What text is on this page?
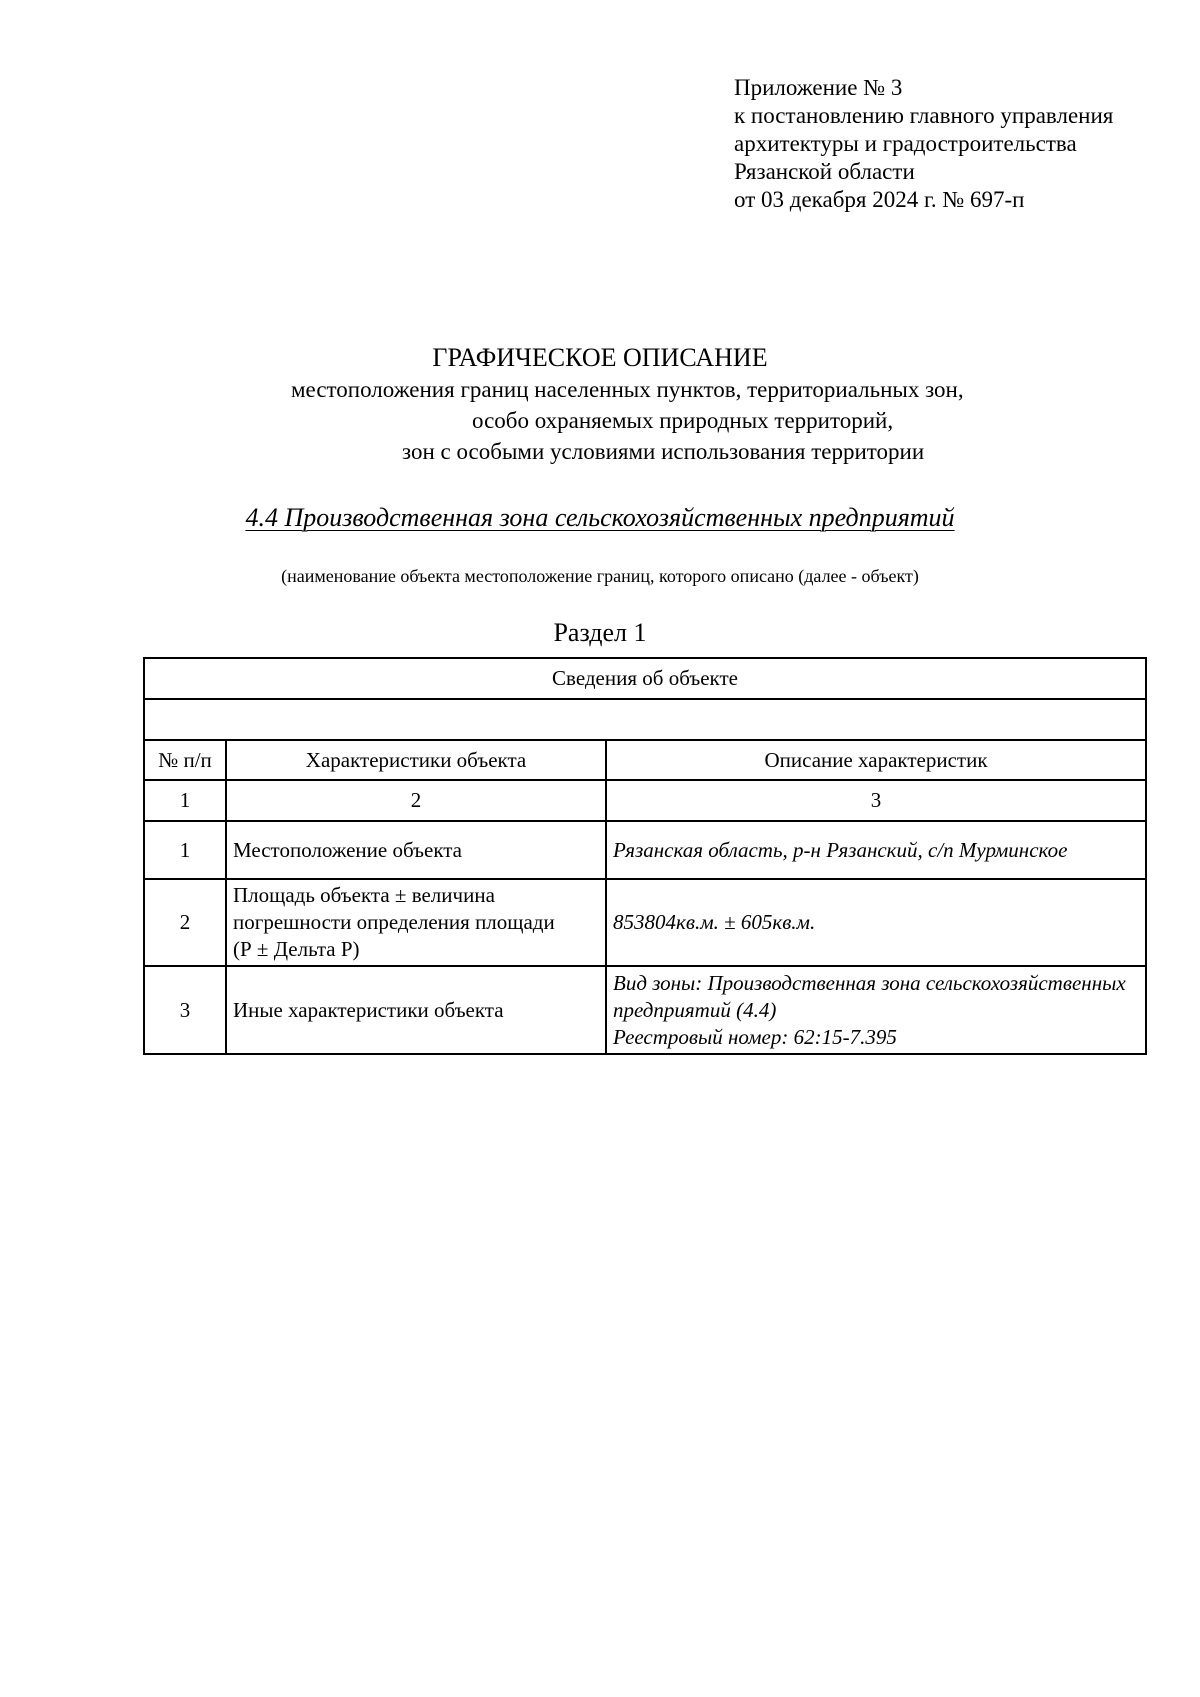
Приложение № 3
к постановлению главного управления
архитектуры и градостроительства
Рязанской области
от 03 декабря 2024 г. № 697-п
ГРАФИЧЕСКОЕ ОПИСАНИЕ
местоположения границ населенных пунктов, территориальных зон,
особо охраняемых природных территорий,
зон с особыми условиями использования территории
4.4 Производственная зона сельскохозяйственных предприятий
(наименование объекта местоположение границ, которого описано (далее - объект)
Раздел 1
Сведения об объекте		

№ п/п	Характеристики объекта	Описание характеристик
1	2	3
1	Местоположение объекта	Рязанская область, р-н Рязанский, с/п Мурминское
2	Площадь объекта ± величина
погрешности определения площади
(Р ± Дельта Р)	853804кв.м. ± 605кв.м.
3	Иные характеристики объекта	Вид зоны: Производственная зона сельскохозяйственных
предприятий (4.4)
Реестровый номер: 62:15-7.395
